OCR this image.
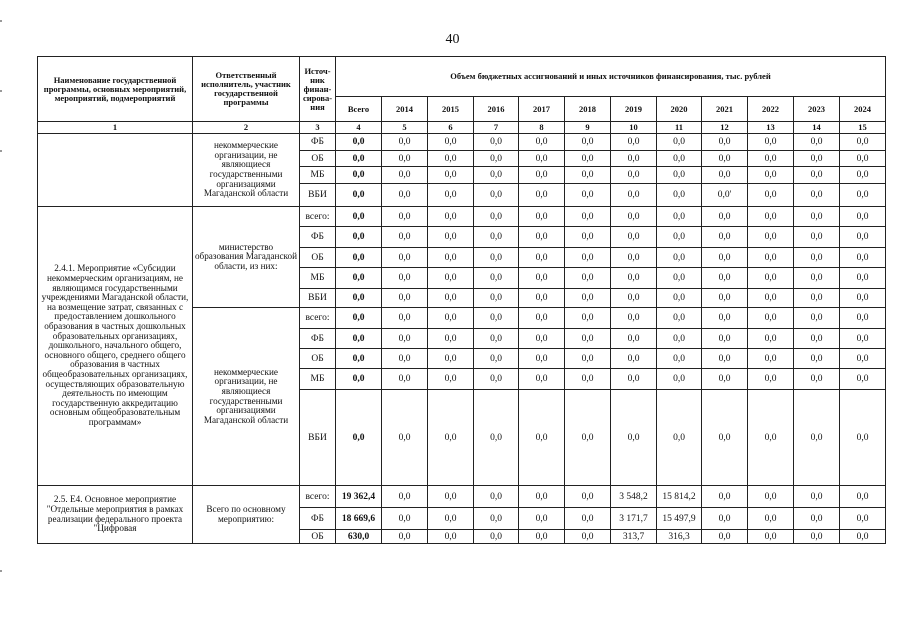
40
Наименование государственной программы, основных мероприятий, мероприятий, подмероприятий	Ответственный исполнитель, участник государственной программы	Источ-ник финан-сирова-ния	Объем бюджетных ассигнований и иных источников финансирования, тыс. рублей											
			Всего	2014	2015	2016	2017	2018	2019	2020	2021	2022	2023	2024
1	2	3	4	5	6	7	8	9	10	11	12	13	14	15
	некоммерческие организации, не являющиеся государственными организациями Магаданской области	ФБ	0,0	0,0	0,0	0,0	0,0	0,0	0,0	0,0	0,0	0,0	0,0	0,0
		ОБ	0,0	0,0	0,0	0,0	0,0	0,0	0,0	0,0	0,0	0,0	0,0	0,0
		МБ	0,0	0,0	0,0	0,0	0,0	0,0	0,0	0,0	0,0	0,0	0,0	0,0
		ВБИ	0,0	0,0	0,0	0,0	0,0	0,0	0,0	0,0	0,0'	0,0	0,0	0,0
2.4.1. Мероприятие «Субсидии некоммерческим организациям, не являющимся государственными учреждениями Магаданской области, на возмещение затрат, связанных с предоставлением дошкольного образования в частных дошкольных образовательных организациях, дошкольного, начального общего, основного общего, среднего общего образования в частных общеобразовательных организациях, осуществляющих образовательную деятельность по имеющим государственную аккредитацию основным общеобразовательным программам»	министерство образования Магаданской области, из них:	всего:	0,0	0,0	0,0	0,0	0,0	0,0	0,0	0,0	0,0	0,0	0,0	0,0
		ФБ	0,0	0,0	0,0	0,0	0,0	0,0	0,0	0,0	0,0	0,0	0,0	0,0
		ОБ	0,0	0,0	0,0	0,0	0,0	0,0	0,0	0,0	0,0	0,0	0,0	0,0
		МБ	0,0	0,0	0,0	0,0	0,0	0,0	0,0	0,0	0,0	0,0	0,0	0,0
		ВБИ	0,0	0,0	0,0	0,0	0,0	0,0	0,0	0,0	0,0	0,0	0,0	0,0
	некоммерческие организации, не являющиеся государственными организациями Магаданской области	всего:	0,0	0,0	0,0	0,0	0,0	0,0	0,0	0,0	0,0	0,0	0,0	0,0
		ФБ	0,0	0,0	0,0	0,0	0,0	0,0	0,0	0,0	0,0	0,0	0,0	0,0
		ОБ	0,0	0,0	0,0	0,0	0,0	0,0	0,0	0,0	0,0	0,0	0,0	0,0
		МБ	0,0	0,0	0,0	0,0	0,0	0,0	0,0	0,0	0,0	0,0	0,0	0,0
		ВБИ	0,0	0,0	0,0	0,0	0,0	0,0	0,0	0,0	0,0	0,0	0,0	0,0
2.5. Е4. Основное мероприятие "Отдельные мероприятия в рамках реализации федерального проекта "Цифровая	Всего по основному мероприятию:	всего:	19 362,4	0,0	0,0	0,0	0,0	0,0	3 548,2	15 814,2	0,0	0,0	0,0	0,0
		ФБ	18 669,6	0,0	0,0	0,0	0,0	0,0	3 171,7	15 497,9	0,0	0,0	0,0	0,0
		ОБ	630,0	0,0	0,0	0,0	0,0	0,0	313,7	316,3	0,0	0,0	0,0	0,0
